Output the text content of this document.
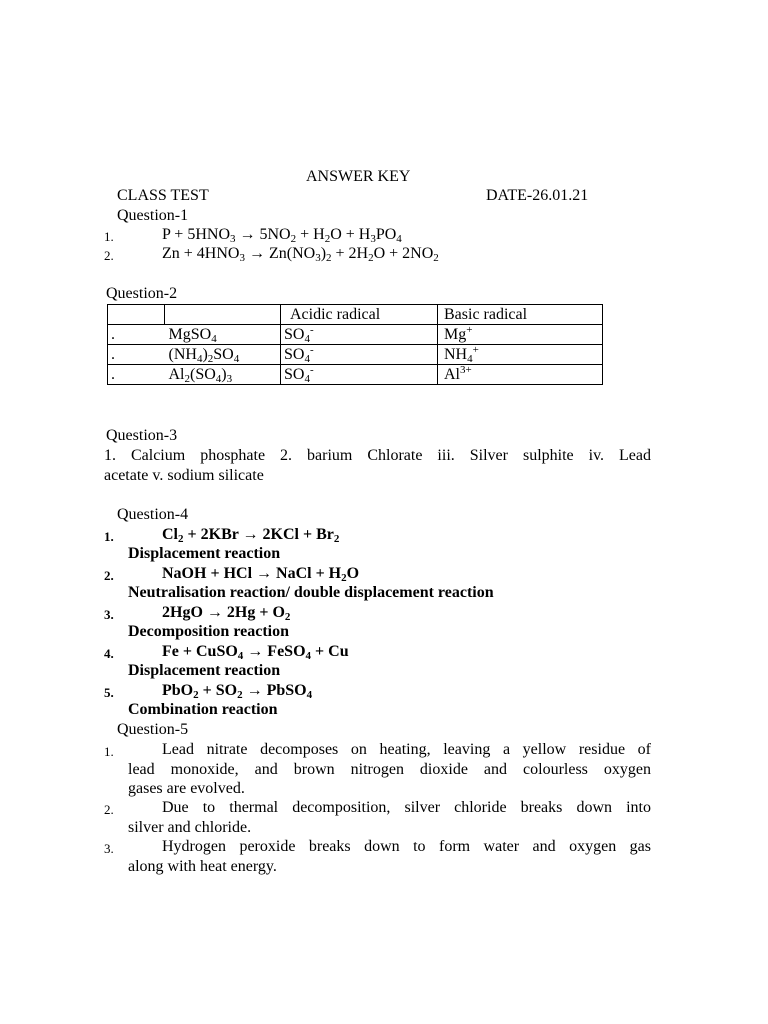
ANSWER KEY
CLASS TEST	DATE-26.01.21
Question-1
1.	$P + 5HNO_3 \to 5NO_2 + H_2O + H_3PO_4$
2.	$Zn + 4HNO_3 \to Zn(NO_3)_2 + 2H_2O + 2NO_2$
Question-2
		Acidic radical	Basic radical
.	MgSO$_4$	$SO_4^-$	Mg+
.	$(NH_4)_2SO_4$	$SO_4^-$	$NH_4^+$
.	$Al_2(SO_4)_3$	$SO_4^-$	$Al^{3+}$
Question-3
1. Calcium phosphate 2. barium Chlorate iii. Silver sulphite iv. Lead
acetate v. sodium silicate
Question-4
1.	$Cl_2 + 2KBr \to 2KCl + Br_2$
Displacement reaction
2.	NaOH + HCl → NaCl + $H_2O$
Neutralisation reaction/ double displacement reaction
3.	$2HgO \to 2Hg + O_2$
Decomposition reaction
4.	Fe + CuSO$_4$ → FeSO$_4$ + Cu
Displacement reaction
5.	$PbO_2 + SO_2$ → PbSO$_4$
Combination reaction
Question-5
1.	Lead nitrate decomposes on heating, leaving a yellow residue of
lead monoxide, and brown nitrogen dioxide and colourless oxygen
gases are evolved.
2.	Due to thermal decomposition, silver chloride breaks down into
silver and chloride.
3.	Hydrogen peroxide breaks down to form water and oxygen gas
along with heat energy.
